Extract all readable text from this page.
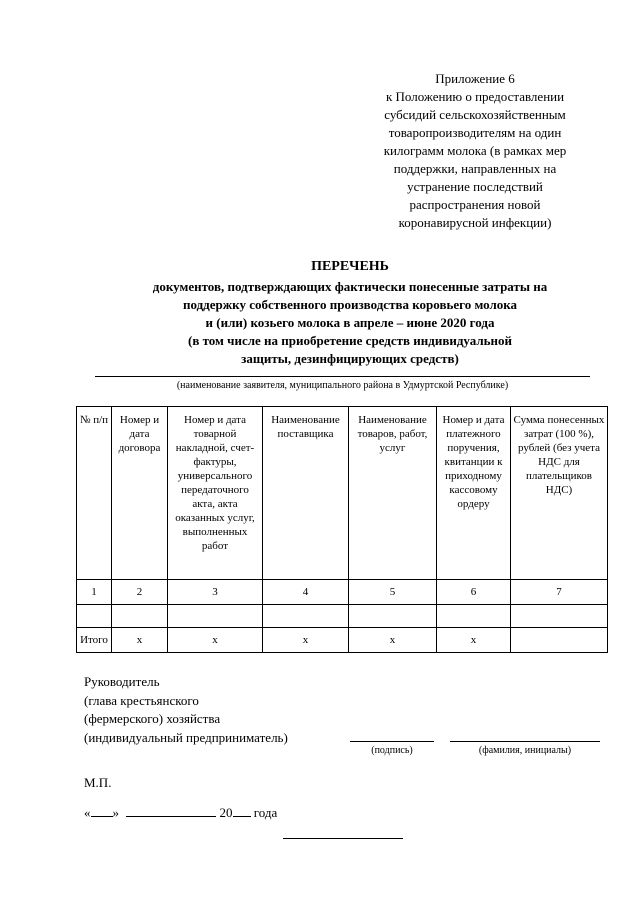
Приложение 6
к Положению о предоставлении
субсидий сельскохозяйственным
товаропроизводителям на один
килограмм молока (в рамках мер
поддержки, направленных на
устранение последствий
распространения новой
коронавирусной инфекции)
ПЕРЕЧЕНЬ
документов, подтверждающих фактически понесенные затраты на
поддержку собственного производства коровьего молока
и (или) козьего молока в апреле – июне 2020 года
(в том числе на приобретение средств индивидуальной
защиты, дезинфицирующих средств)
(наименование заявителя, муниципального района в Удмуртской Республике)
№ п/п	Номер и дата договора	Номер и дата товарной накладной, счет-фактуры, универсального передаточного акта, акта оказанных услуг, выполненных работ	Наименование поставщика	Наименование товаров, работ, услуг	Номер и дата платежного поручения, квитанции к приходному кассовому ордеру	Сумма понесенных затрат (100 %), рублей (без учета НДС для плательщиков НДС)
1	2	3	4	5	6	7

Итого	x	x	x	x	x	
Руководитель
(глава крестьянского
(фермерского) хозяйства
(индивидуальный предприниматель)
(подпись)	(фамилия, инициалы)
М.П.
« »	20 года
